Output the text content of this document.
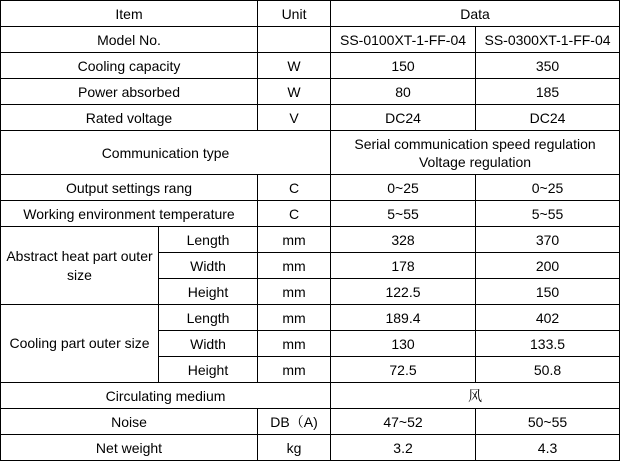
Item		Unit	Data	
Model No.			SS-0100XT-1-FF-04	SS-0300XT-1-FF-04
Cooling capacity		W	150	350
Power absorbed		W	80	185
Rated voltage		V	DC24	DC24
Communication type			Serial communication speed regulation
Voltage regulation	

Output settings rang		C	0~25	0~25
Working environment temperature		C	5~55	5~55
Abstract heat part outer size	Length	mm	328	370
	Width	mm	178	200
	Height	mm	122.5	150
Cooling part outer size	Length	mm	189.4	402
	Width	mm	130	133.5
	Height	mm	72.5	50.8
Circulating medium			风	
Noise		DB（A)	47~52	50~55
Net weight		kg	3.2	4.3
